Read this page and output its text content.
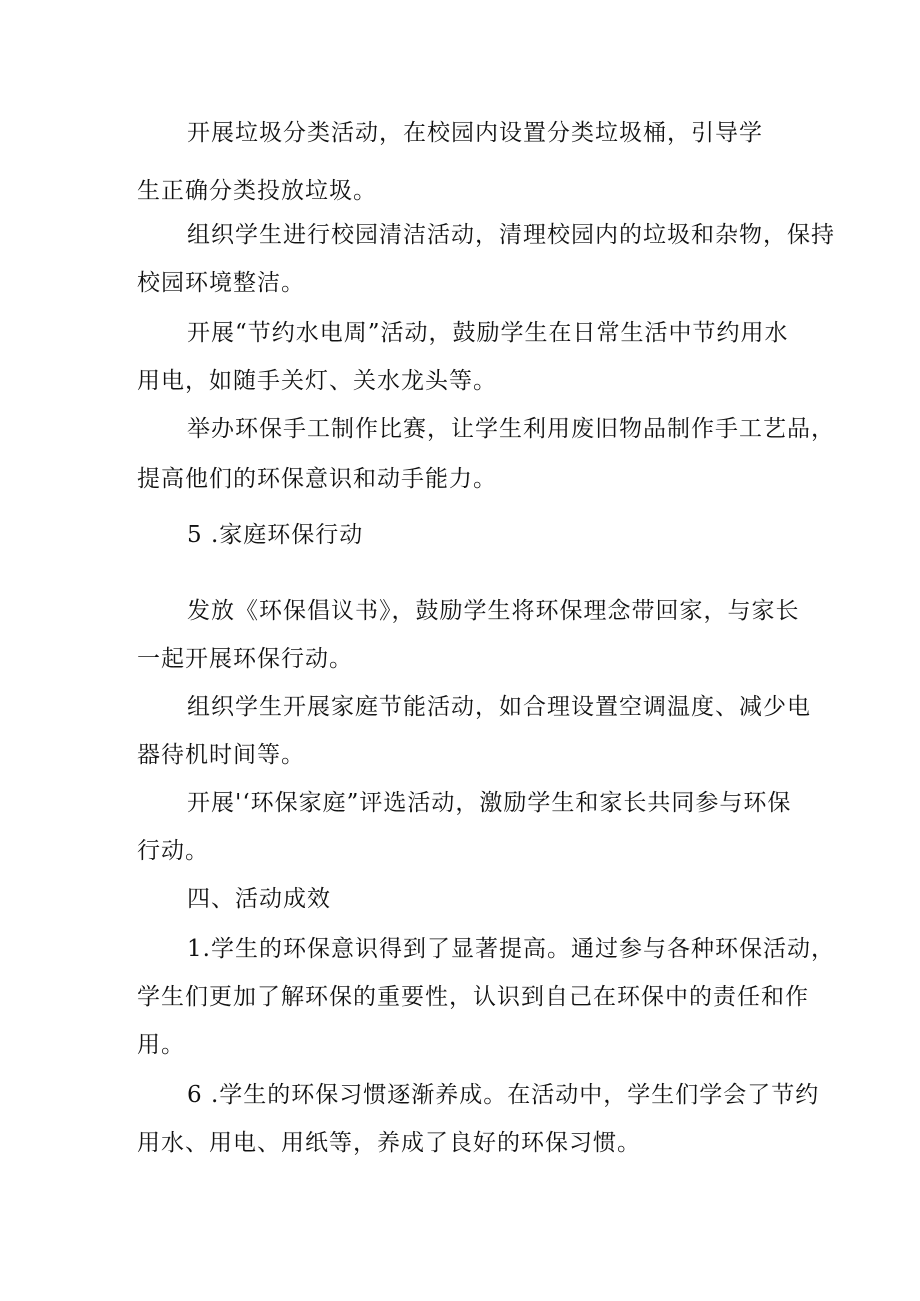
开展垃圾分类活动，在校园内设置分类垃圾桶，引导学
生正确分类投放垃圾。
组织学生进行校园清洁活动，清理校园内的垃圾和杂物，保持
校园环境整洁。
开展“节约水电周”活动，鼓励学生在日常生活中节约用水
用电，如随手关灯、关水龙头等。
举办环保手工制作比赛，让学生利用废旧物品制作手工艺品，
提高他们的环保意识和动手能力。
5 .家庭环保行动
发放《环保倡议书》，鼓励学生将环保理念带回家，与家长
一起开展环保行动。
组织学生开展家庭节能活动，如合理设置空调温度、减少电
器待机时间等。
开展'‘环保家庭”评选活动，激励学生和家长共同参与环保
行动。
四、活动成效
1.学生的环保意识得到了显著提高。通过参与各种环保活动，
学生们更加了解环保的重要性，认识到自己在环保中的责任和作
用。
6 .学生的环保习惯逐渐养成。在活动中，学生们学会了节约
用水、用电、用纸等，养成了良好的环保习惯。
